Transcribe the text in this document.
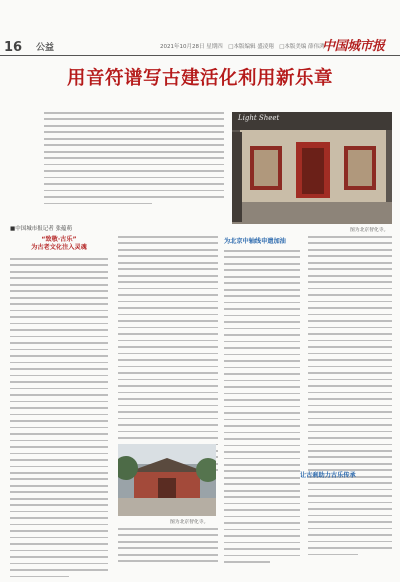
16 公益	2021年10月28日 星期四　□本版编辑 盛凌翔　□本版美编 薛伟鸿
中国城市报
用音符谱写古建活化利用新乐章
Light Sheet
图为北京智化寺。
■中国城市报记者 张蕴萌
“致敬·古乐”
为古老文化注入灵魂
为北京中轴线申遗加油
图为北京智化寺。
让古刹助力古乐传承
